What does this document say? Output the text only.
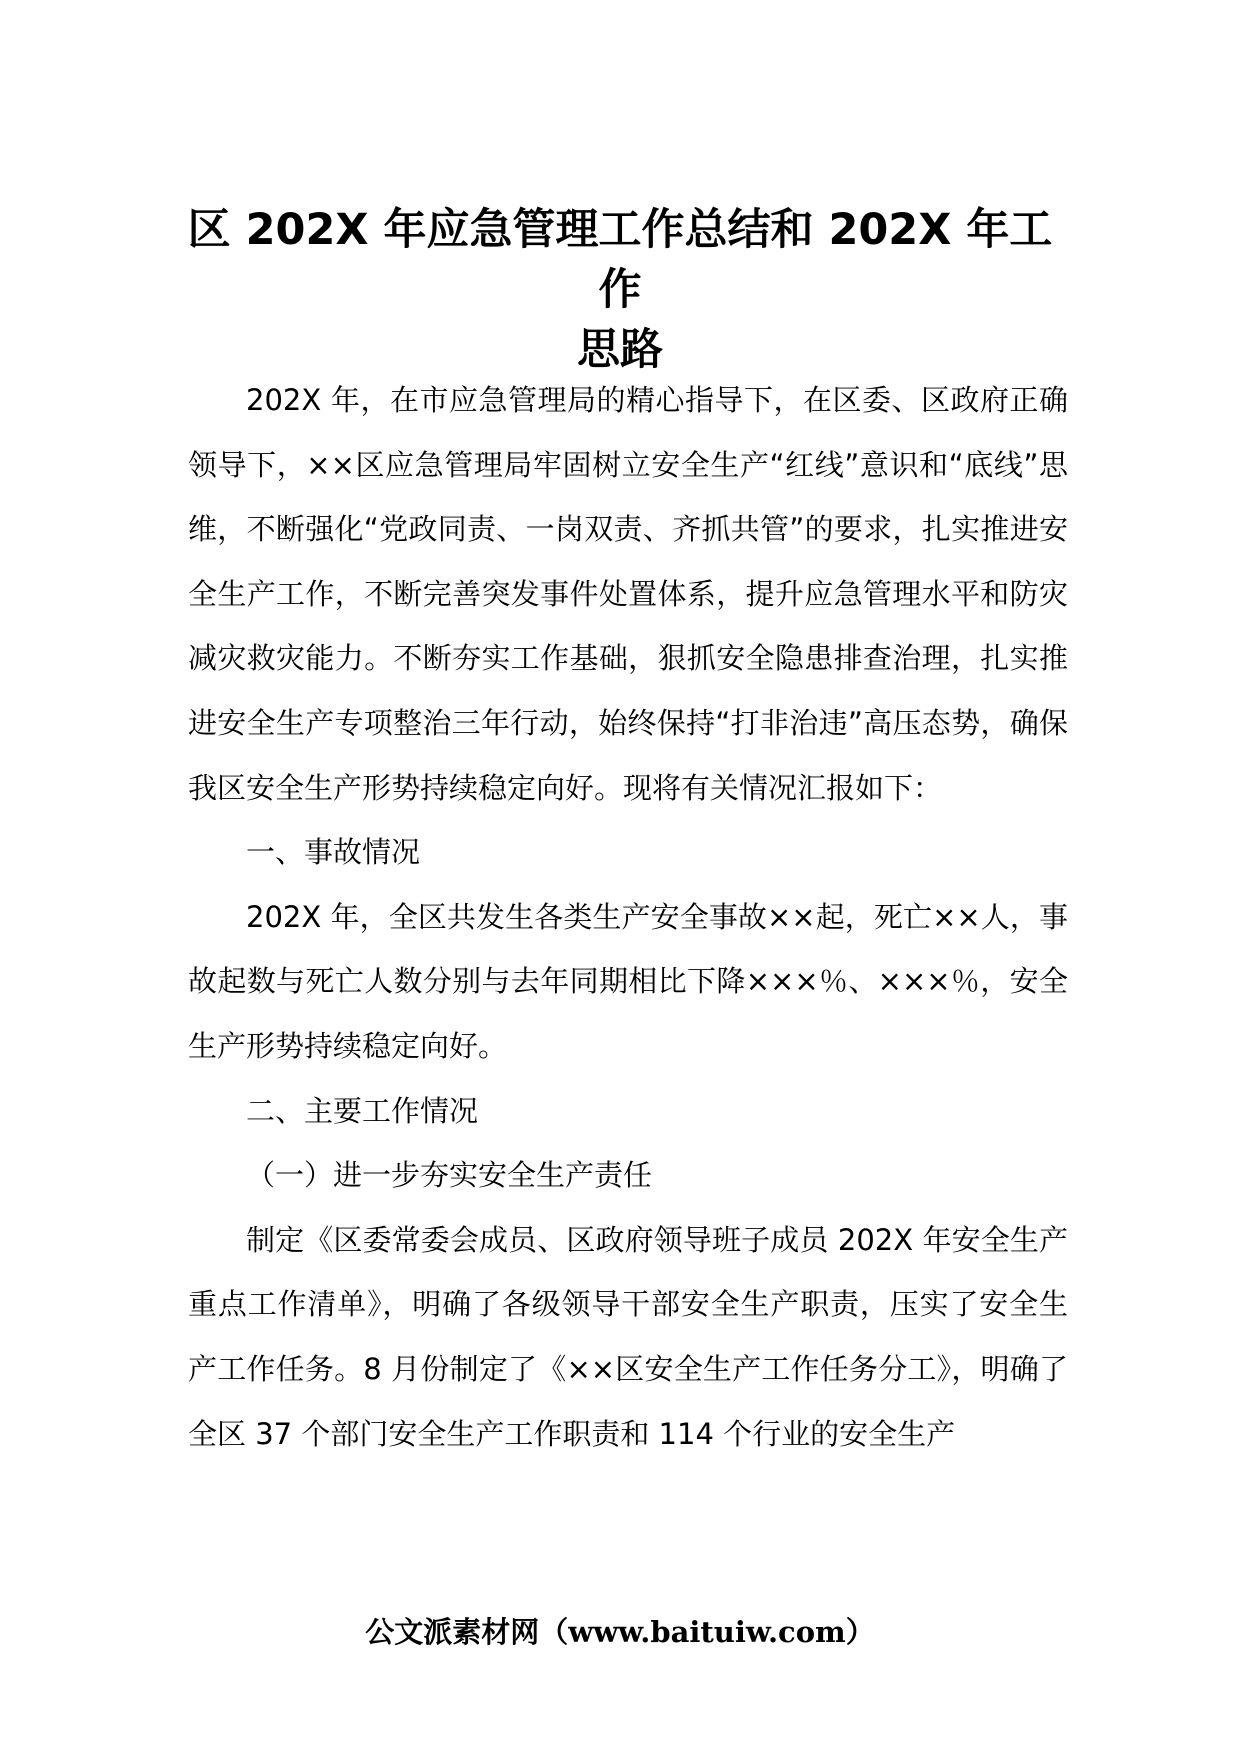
区 202X 年应急管理工作总结和 202X 年工作
思路

202X 年，在市应急管理局的精心指导下，在区委、区政府正确领导下，××区应急管理局牢固树立安全生产“红线”意识和“底线”思维，不断强化“党政同责、一岗双责、齐抓共管”的要求，扎实推进安全生产工作，不断完善突发事件处置体系，提升应急管理水平和防灾减灾救灾能力。不断夯实工作基础，狠抓安全隐患排查治理，扎实推进安全生产专项整治三年行动，始终保持“打非治违”高压态势，确保我区安全生产形势持续稳定向好。现将有关情况汇报如下：

一、事故情况

202X 年，全区共发生各类生产安全事故××起，死亡××人，事故起数与死亡人数分别与去年同期相比下降×××％、×××％，安全生产形势持续稳定向好。

二、主要工作情况

（一）进一步夯实安全生产责任

制定《区委常委会成员、区政府领导班子成员 202X 年安全生产重点工作清单》，明确了各级领导干部安全生产职责，压实了安全生产工作任务。8 月份制定了《××区安全生产工作任务分工》，明确了全区 37 个部门安全生产工作职责和 114 个行业的安全生产

公文派素材网（www.baituiw.com）
